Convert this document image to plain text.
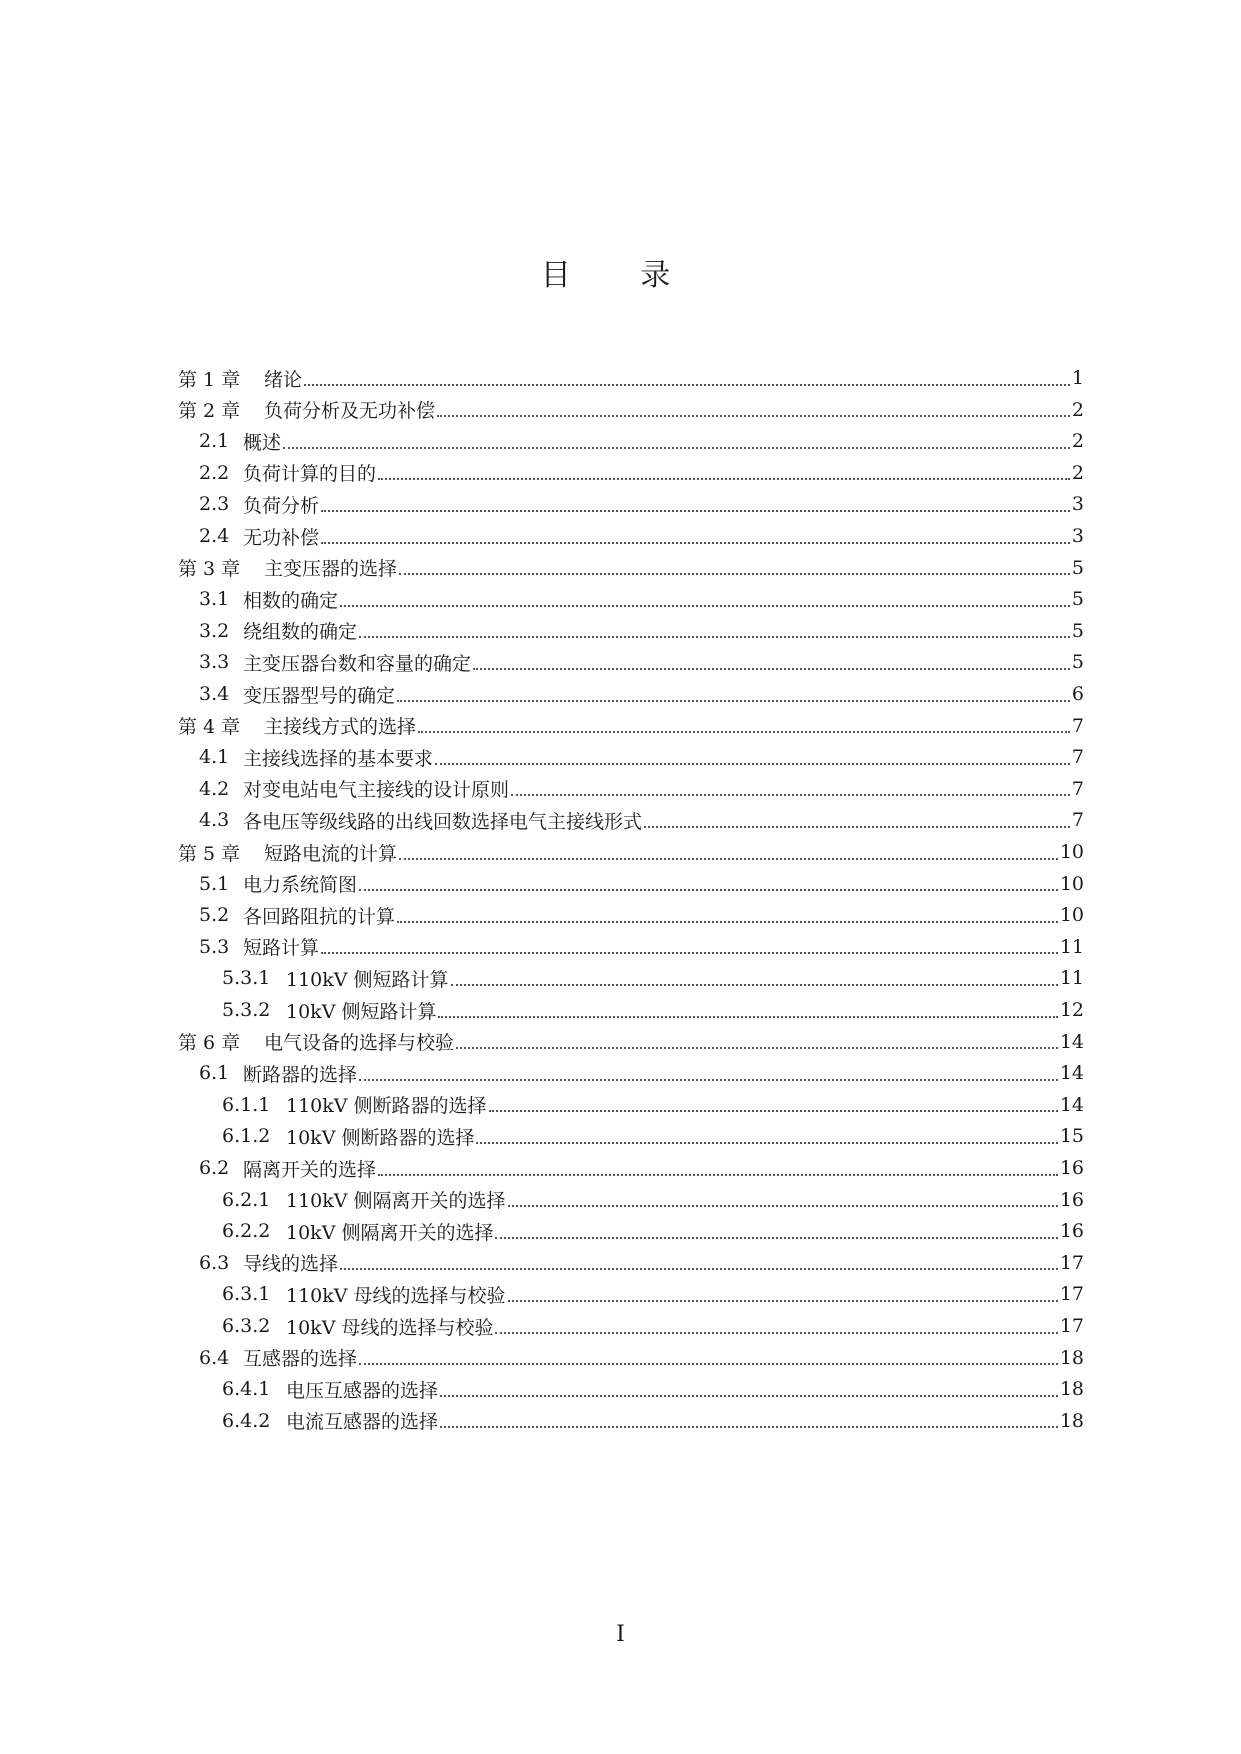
目 录
第 1 章	绪论	1
第 2 章	负荷分析及无功补偿	2
2.1 概述	2
2.2 负荷计算的目的	2
2.3 负荷分析	3
2.4 无功补偿	3
第 3 章	主变压器的选择	5
3.1 相数的确定	5
3.2 绕组数的确定	5
3.3 主变压器台数和容量的确定	5
3.4 变压器型号的确定	6
第 4 章	主接线方式的选择	7
4.1 主接线选择的基本要求	7
4.2 对变电站电气主接线的设计原则	7
4.3 各电压等级线路的出线回数选择电气主接线形式	7
第 5 章	短路电流的计算	10
5.1 电力系统简图	10
5.2 各回路阻抗的计算	10
5.3 短路计算	11
5.3.1 110kV 侧短路计算	11
5.3.2 10kV 侧短路计算	12
第 6 章	电气设备的选择与校验	14
6.1 断路器的选择	14
6.1.1 110kV 侧断路器的选择	14
6.1.2 10kV 侧断路器的选择	15
6.2 隔离开关的选择	16
6.2.1 110kV 侧隔离开关的选择	16
6.2.2 10kV 侧隔离开关的选择	16
6.3 导线的选择	17
6.3.1 110kV 母线的选择与校验	17
6.3.2 10kV 母线的选择与校验	17
6.4 互感器的选择	18
6.4.1 电压互感器的选择	18
6.4.2 电流互感器的选择	18
I
